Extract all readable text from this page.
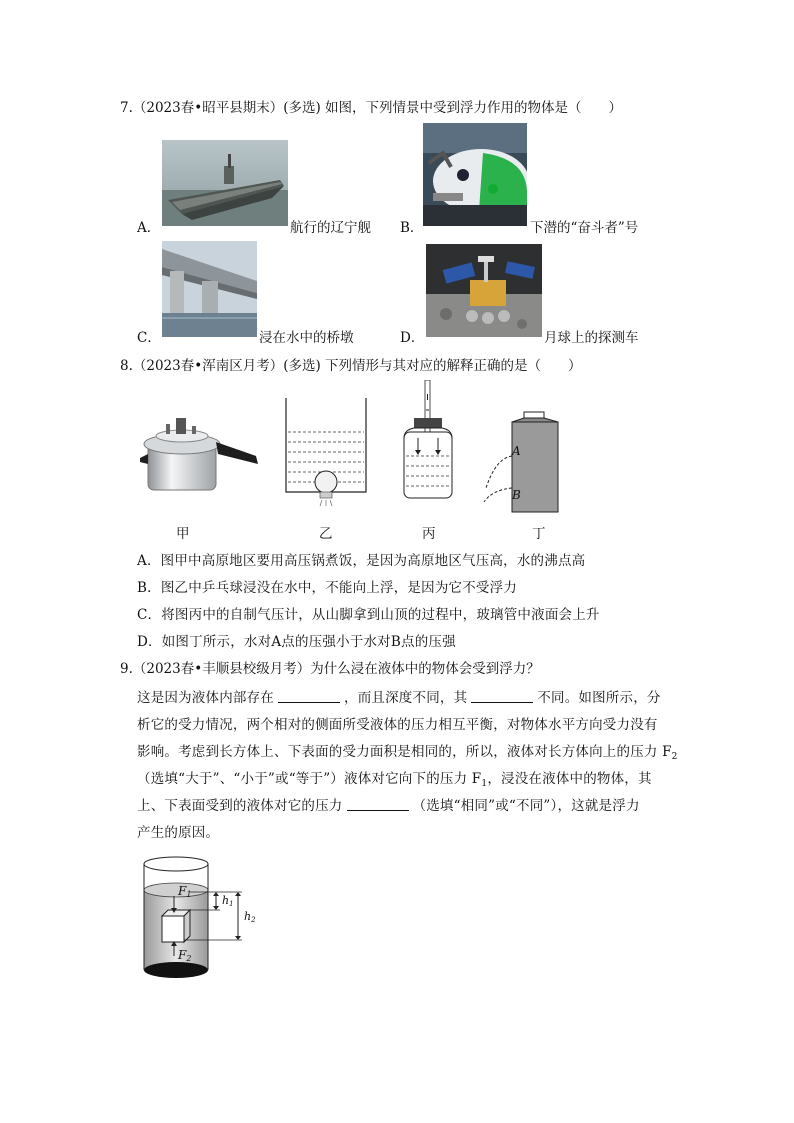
7.（2023春•昭平县期末）(多选) 如图，下列情景中受到浮力作用的物体是（　　）
A．	航行的辽宁舰 B．	下潜的“奋斗者”号
C．	浸在水中的桥墩	D．	月球上的探测车
8.（2023春•浑南区月考）(多选) 下列情形与其对应的解释正确的是（　　）
A
B
甲	乙	丙	丁
A．图甲中高原地区要用高压锅煮饭，是因为高原地区气压高，水的沸点高
B．图乙中乒乓球浸没在水中，不能向上浮，是因为它不受浮力
C．将图丙中的自制气压计，从山脚拿到山顶的过程中，玻璃管中液面会上升
D．如图丁所示，水对A点的压强小于水对B点的压强
9.（2023春•丰顺县校级月考）为什么浸在液体中的物体会受到浮力？
这是因为液体内部存在	，而且深度不同，其	不同。如图所示，分
析它的受力情况，两个相对的侧面所受液体的压力相互平衡，对物体水平方向受力没有
影响。考虑到长方体上、下表面的受力面积是相同的，所以，液体对长方体向上的压力 $F_2$
（选填“大于”、“小于”或“等于”）液体对它向下的压力 $F_1$，浸没在液体中的物体，其
上、下表面受到的液体对它的压力	（选填“相同”或“不同”），这就是浮力
产生的原因。
F1
F2
h1
h2
